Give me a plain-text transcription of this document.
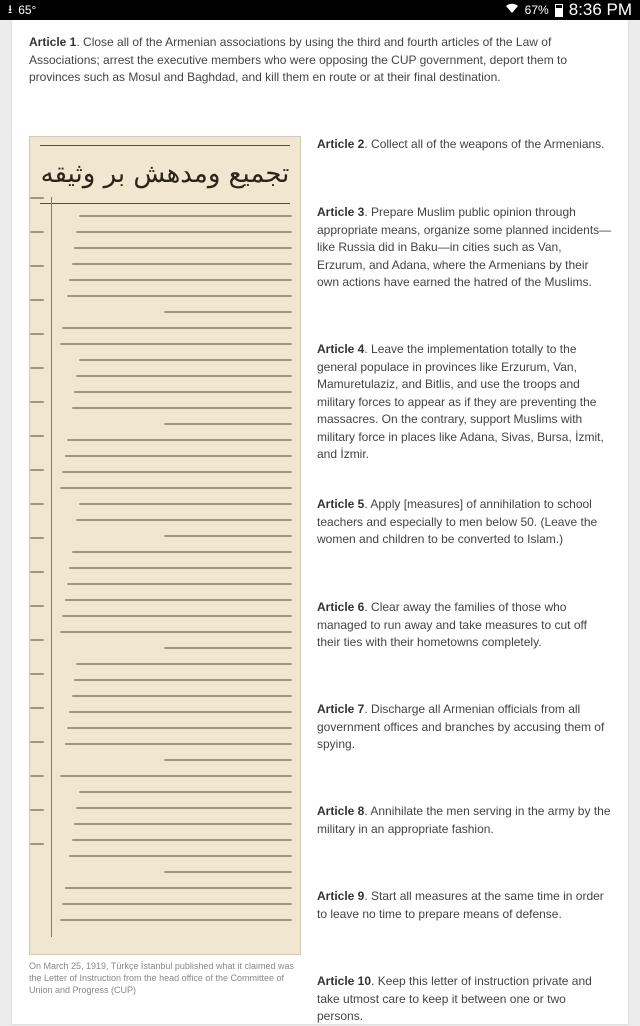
⭳ 65°	67% 8:36 PM

Article 1. Close all of the Armenian associations by using the third and fourth articles of the Law of Associations; arrest the executive members who were opposing the CUP government, deport them to provinces such as Mosul and Baghdad, and kill them en route or at their final destination.

تجمیع ومدهش بر وثیقه

On March 25, 1919, Türkçe İstanbul published what it claimed was the Letter of Instruction from the head office of the Committee of Union and Progress (CUP)

Article 2. Collect all of the weapons of the Armenians.

Article 3. Prepare Muslim public opinion through appropriate means, organize some planned incidents—like Russia did in Baku—in cities such as Van, Erzurum, and Adana, where the Armenians by their own actions have earned the hatred of the Muslims.

Article 4. Leave the implementation totally to the general populace in provinces like Erzurum, Van, Mamuretulaziz, and Bitlis, and use the troops and military forces to appear as if they are preventing the massacres. On the contrary, support Muslims with military force in places like Adana, Sivas, Bursa, İzmit, and İzmir.

Article 5. Apply [measures] of annihilation to school teachers and especially to men below 50. (Leave the women and children to be converted to Islam.)

Article 6. Clear away the families of those who managed to run away and take measures to cut off their ties with their hometowns completely.

Article 7. Discharge all Armenian officials from all government offices and branches by accusing them of spying.

Article 8. Annihilate the men serving in the army by the military in an appropriate fashion.

Article 9. Start all measures at the same time in order to leave no time to prepare means of defense.

Article 10. Keep this letter of instruction private and take utmost care to keep it between one or two persons.
